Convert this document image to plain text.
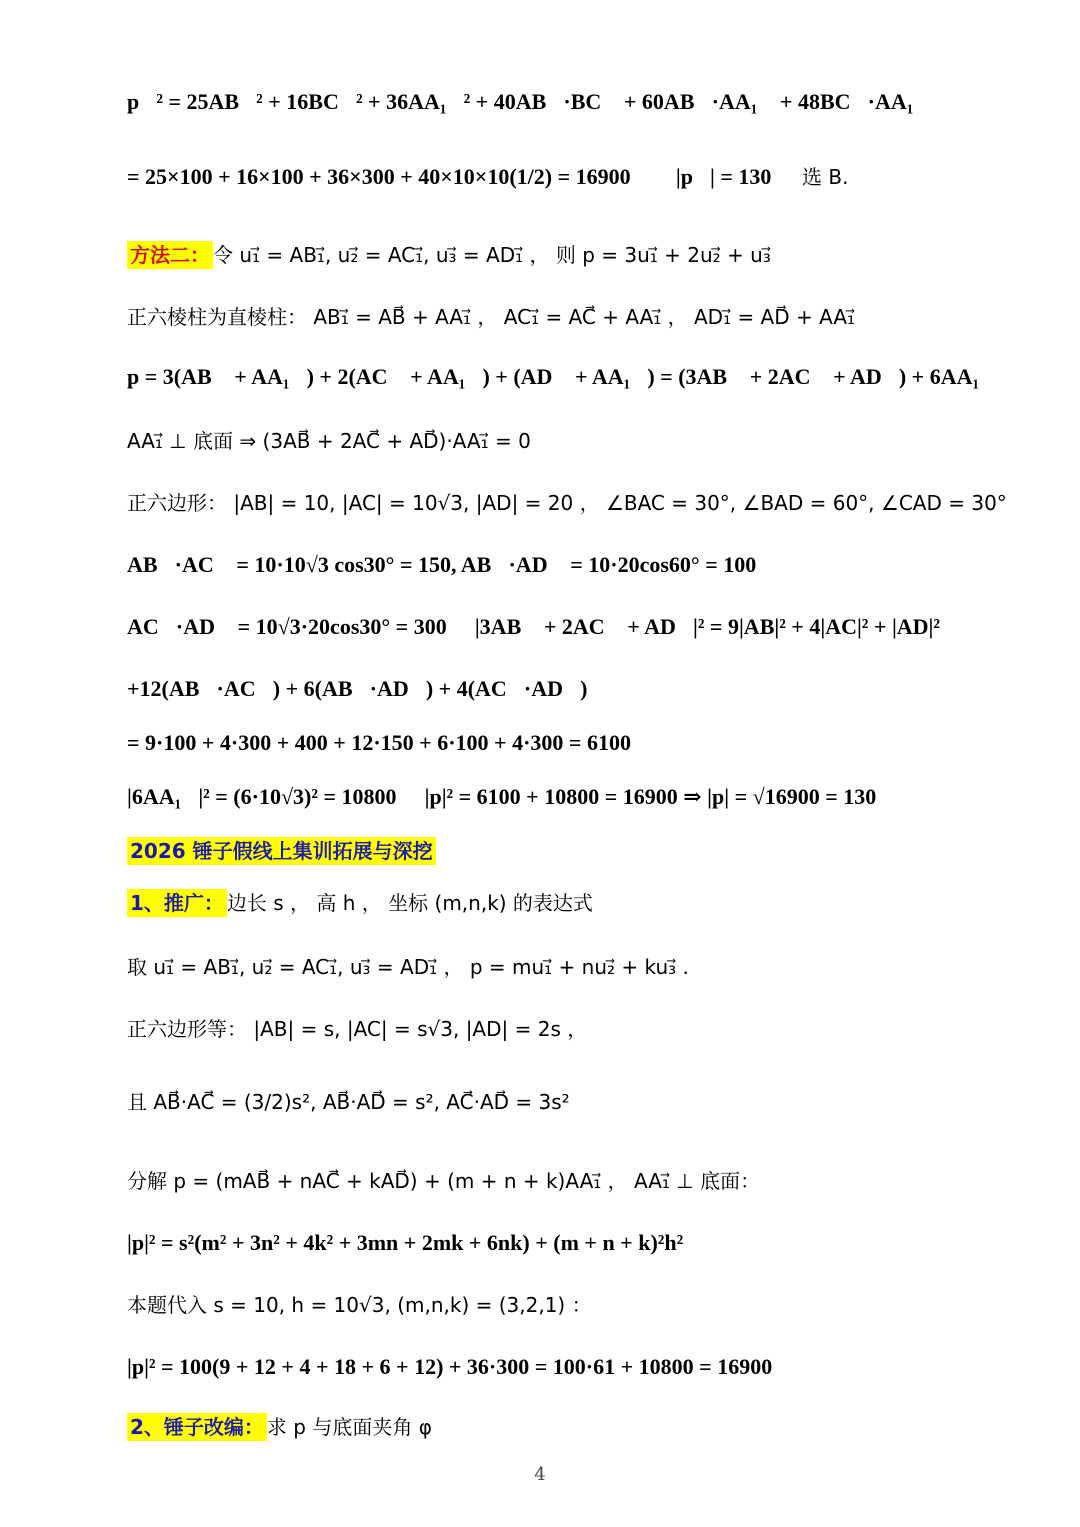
p⃗² = 25AB⃗² + 16BC⃗² + 36AA₁⃗² + 40AB⃗·BC⃗ + 60AB⃗·AA₁⃗ + 48BC⃗·AA₁⃗
= 25×100 + 16×100 + 36×300 + 40×10×10(1/2) = 16900 ， ∴|p⃗| = 130 ， 选 B.
方法二： 令 u₁⃗ = AB₁⃗, u₂⃗ = AC₁⃗, u₃⃗ = AD₁⃗ ， 则 p = 3u₁⃗ + 2u₂⃗ + u₃⃗
正六棱柱为直棱柱： AB₁⃗ = AB⃗ + AA₁⃗ ， AC₁⃗ = AC⃗ + AA₁⃗ ， AD₁⃗ = AD⃗ + AA₁⃗
p = 3(AB⃗ + AA₁⃗) + 2(AC⃗ + AA₁⃗) + (AD⃗ + AA₁⃗) = (3AB⃗ + 2AC⃗ + AD⃗) + 6AA₁⃗
AA₁⃗ ⊥ 底面 ⇒ (3AB⃗ + 2AC⃗ + AD⃗)·AA₁⃗ = 0
正六边形： |AB| = 10, |AC| = 10√3, |AD| = 20 ， ∠BAC = 30°, ∠BAD = 60°, ∠CAD = 30°
AB⃗·AC⃗ = 10·10√3 cos30° = 150, AB⃗·AD⃗ = 10·20cos60° = 100 ，
AC⃗·AD⃗ = 10√3·20cos30° = 300 ， |3AB⃗ + 2AC⃗ + AD⃗|² = 9|AB|² + 4|AC|² + |AD|²
+12(AB⃗·AC⃗) + 6(AB⃗·AD⃗) + 4(AC⃗·AD⃗)
= 9·100 + 4·300 + 400 + 12·150 + 6·100 + 4·300 = 6100
|6AA₁⃗|² = (6·10√3)² = 10800 ， |p|² = 6100 + 10800 = 16900 ⇒ |p| = √16900 = 130
2026 锤子假线上集训拓展与深挖
1、推广： 边长 s ， 高 h ， 坐标 (m,n,k) 的表达式
取 u₁⃗ = AB₁⃗, u₂⃗ = AC₁⃗, u₃⃗ = AD₁⃗ ， p = mu₁⃗ + nu₂⃗ + ku₃⃗ .
正六边形等： |AB| = s, |AC| = s√3, |AD| = 2s ，
且 AB⃗·AC⃗ = (3/2)s², AB⃗·AD⃗ = s², AC⃗·AD⃗ = 3s²
分解 p = (mAB⃗ + nAC⃗ + kAD⃗) + (m + n + k)AA₁⃗ ， AA₁⃗ ⊥ 底面：
|p|² = s²(m² + 3n² + 4k² + 3mn + 2mk + 6nk) + (m + n + k)²h²
本题代入 s = 10, h = 10√3, (m,n,k) = (3,2,1) ：
|p|² = 100(9 + 12 + 4 + 18 + 6 + 12) + 36·300 = 100·61 + 10800 = 16900
2、锤子改编： 求 p 与底面夹角 φ
4
